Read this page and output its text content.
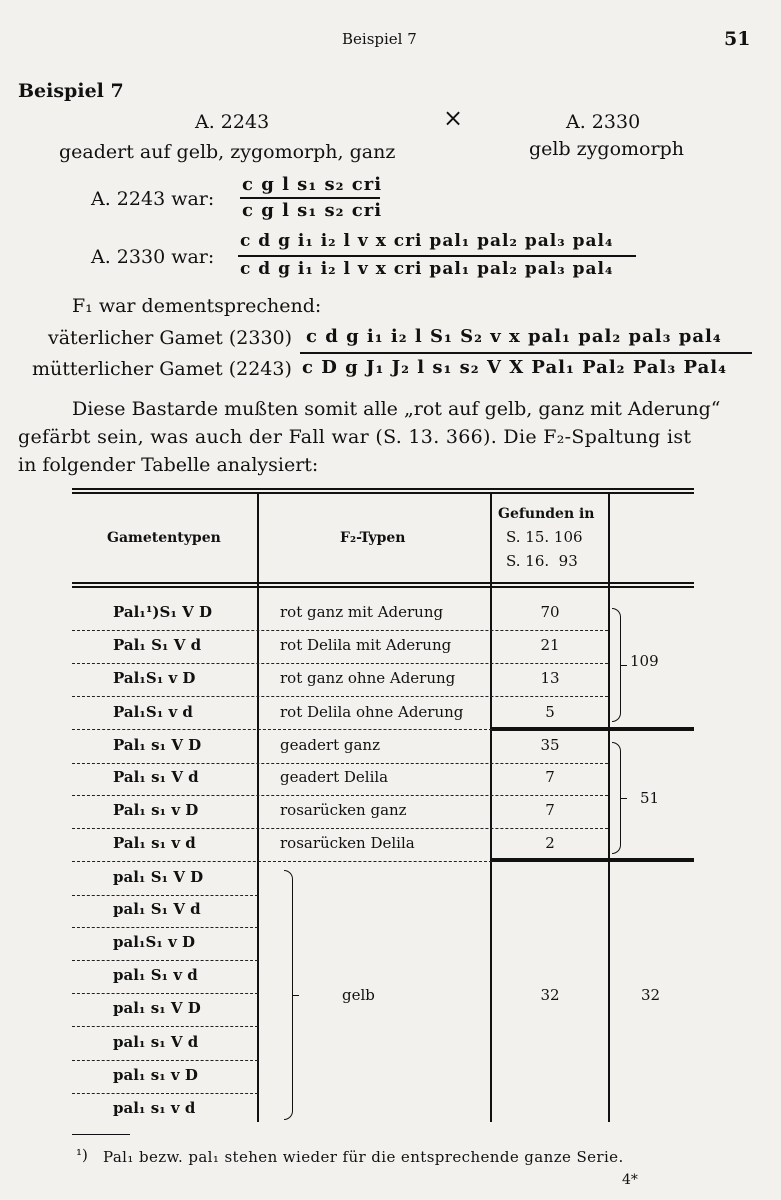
Beispiel 7	51
Beispiel 7
A. 2243
geadert auf gelb, zygomorph, ganz
×	A. 2330
gelb zygomorph
A. 2243 war:
c g l s₁ s₂ cri
c g l s₁ s₂ cri
A. 2330 war:
c d g i₁ i₂ l v x cri pal₁ pal₂ pal₃ pal₄
c d g i₁ i₂ l v x cri pal₁ pal₂ pal₃ pal₄
F₁ war dementsprechend:
väterlicher Gamet (2330) c d g i₁ i₂ l S₁ S₂ v x pal₁ pal₂ pal₃ pal₄
mütterlicher Gamet (2243) c D g J₁ J₂ l s₁ s₂ V X Pal₁ Pal₂ Pal₃ Pal₄
Diese Bastarde mußten somit alle „rot auf gelb, ganz mit Aderung“
gefärbt sein, was auch der Fall war (S. 13. 366). Die F₂-Spaltung ist
in folgender Tabelle analysiert:
Gametentypen	F₂-Typen
Gefunden in
S. 15. 106
S. 16.  93
Pal₁¹)S₁ V D	rot ganz mit Aderung	70
Pal₁ S₁ V d	rot Delila mit Aderung	21
Pal₁S₁ v D	rot ganz ohne Aderung	13
Pal₁S₁ v d	rot Delila ohne Aderung	5
109
Pal₁ s₁ V D	geadert ganz	35
Pal₁ s₁ V d	geadert Delila	7
Pal₁ s₁ v D	rosarücken ganz	7
Pal₁ s₁ v d	rosarücken Delila	2
51
pal₁ S₁ V D
pal₁ S₁ V d
pal₁S₁ v D
pal₁ S₁ v d
pal₁ s₁ V D
pal₁ s₁ V d
pal₁ s₁ v D
pal₁ s₁ v d
gelb	32	32
¹) Pal₁ bezw. pal₁ stehen wieder für die entsprechende ganze Serie.
4*
